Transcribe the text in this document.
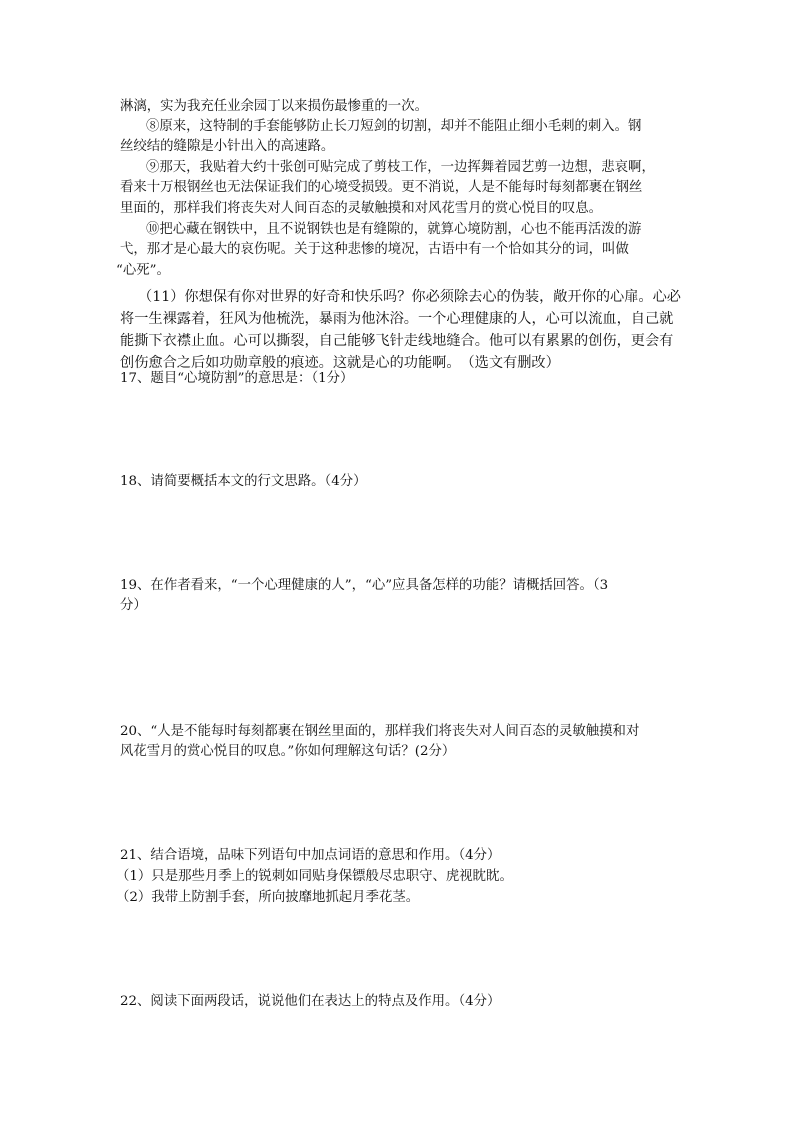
淋漓，实为我充任业余园丁以来损伤最惨重的一次。
⑧原来，这特制的手套能够防止长刀短剑的切割，却并不能阻止细小毛刺的刺入。钢
丝绞结的缝隙是小针出入的高速路。
⑨那天，我贴着大约十张创可贴完成了剪枝工作，一边挥舞着园艺剪一边想，悲哀啊，
看来十万根钢丝也无法保证我们的心境受损毁。更不消说，人是不能每时每刻都裹在钢丝
里面的，那样我们将丧失对人间百态的灵敏触摸和对风花雪月的赏心悦目的叹息。
⑩把心藏在钢铁中，且不说钢铁也是有缝隙的，就算心境防割，心也不能再活泼的游
弋，那才是心最大的哀伤呢。关于这种悲惨的境况，古语中有一个恰如其分的词，叫做
“心死”。
（11）你想保有你对世界的好奇和快乐吗？你必须除去心的伪装，敞开你的心扉。心必
将一生裸露着，狂风为他梳洗，暴雨为他沐浴。一个心理健康的人，心可以流血，自己就
能撕下衣襟止血。心可以撕裂，自己能够飞针走线地缝合。他可以有累累的创伤，更会有
创伤愈合之后如功勋章般的痕迹。这就是心的功能啊。　（选文有删改）
17、题目“心境防割”的意思是：（1分）
18、请简要概括本文的行文思路。（4分）
19、在作者看来，“一个心理健康的人”，“心”应具备怎样的功能？请概括回答。（3
分）
20、“人是不能每时每刻都裹在钢丝里面的，那样我们将丧失对人间百态的灵敏触摸和对
风花雪月的赏心悦目的叹息。”你如何理解这句话？(2分）
21、结合语境，品味下列语句中加点词语的意思和作用。（4分）
（1）只是那些月季上的锐刺如同贴身保镖般尽忠职守、虎视眈眈。
（2）我带上防割手套，所向披靡地抓起月季花茎。
22、阅读下面两段话，说说他们在表达上的特点及作用。（4分）
